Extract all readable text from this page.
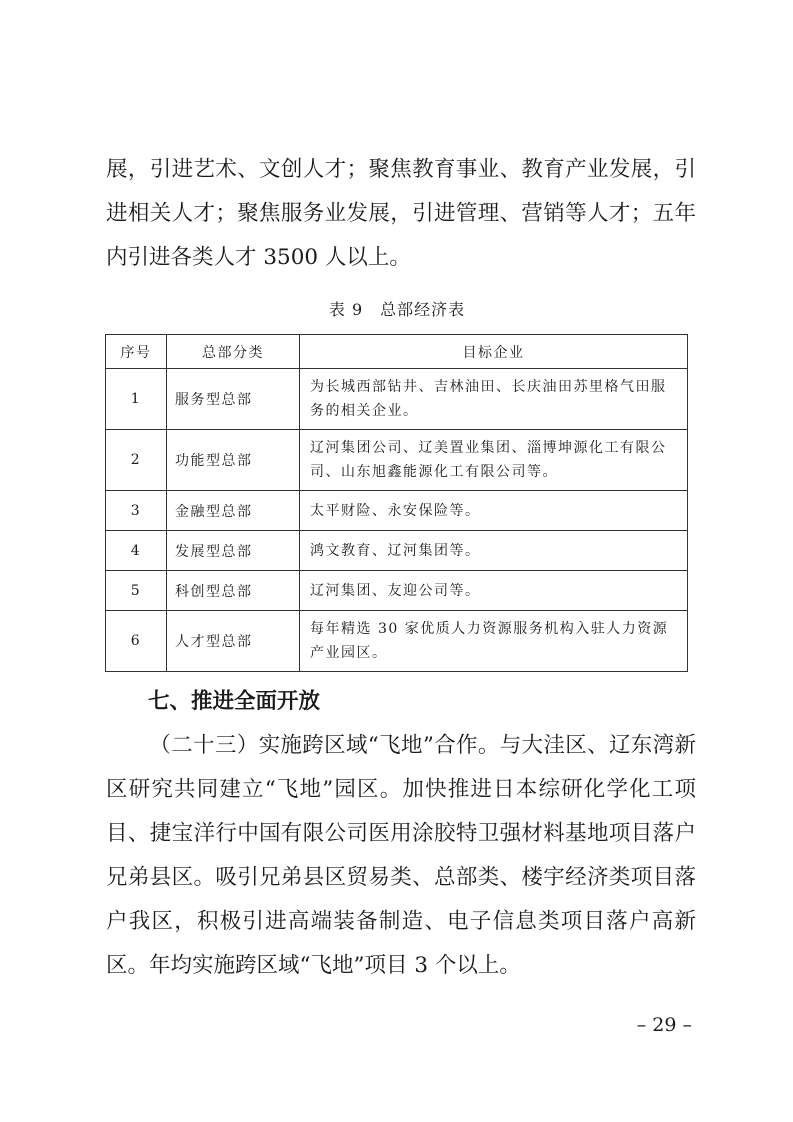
展，引进艺术、文创人才；聚焦教育事业、教育产业发展，引进相关人才；聚焦服务业发展，引进管理、营销等人才；五年内引进各类人才 3500 人以上。

表 9　总部经济表
序号	总部分类	目标企业
1	服务型总部	为长城西部钻井、吉林油田、长庆油田苏里格气田服务的相关企业。
2	功能型总部	辽河集团公司、辽美置业集团、淄博坤源化工有限公司、山东旭鑫能源化工有限公司等。
3	金融型总部	太平财险、永安保险等。
4	发展型总部	鸿文教育、辽河集团等。
5	科创型总部	辽河集团、友迎公司等。
6	人才型总部	每年精选 30 家优质人力资源服务机构入驻人力资源产业园区。
七、推进全面开放

（二十三）实施跨区域“飞地”合作。与大洼区、辽东湾新区研究共同建立“飞地”园区。加快推进日本综研化学化工项目、捷宝洋行中国有限公司医用涂胶特卫强材料基地项目落户兄弟县区。吸引兄弟县区贸易类、总部类、楼宇经济类项目落户我区，积极引进高端装备制造、电子信息类项目落户高新区。年均实施跨区域“飞地”项目 3 个以上。

– 29 –
